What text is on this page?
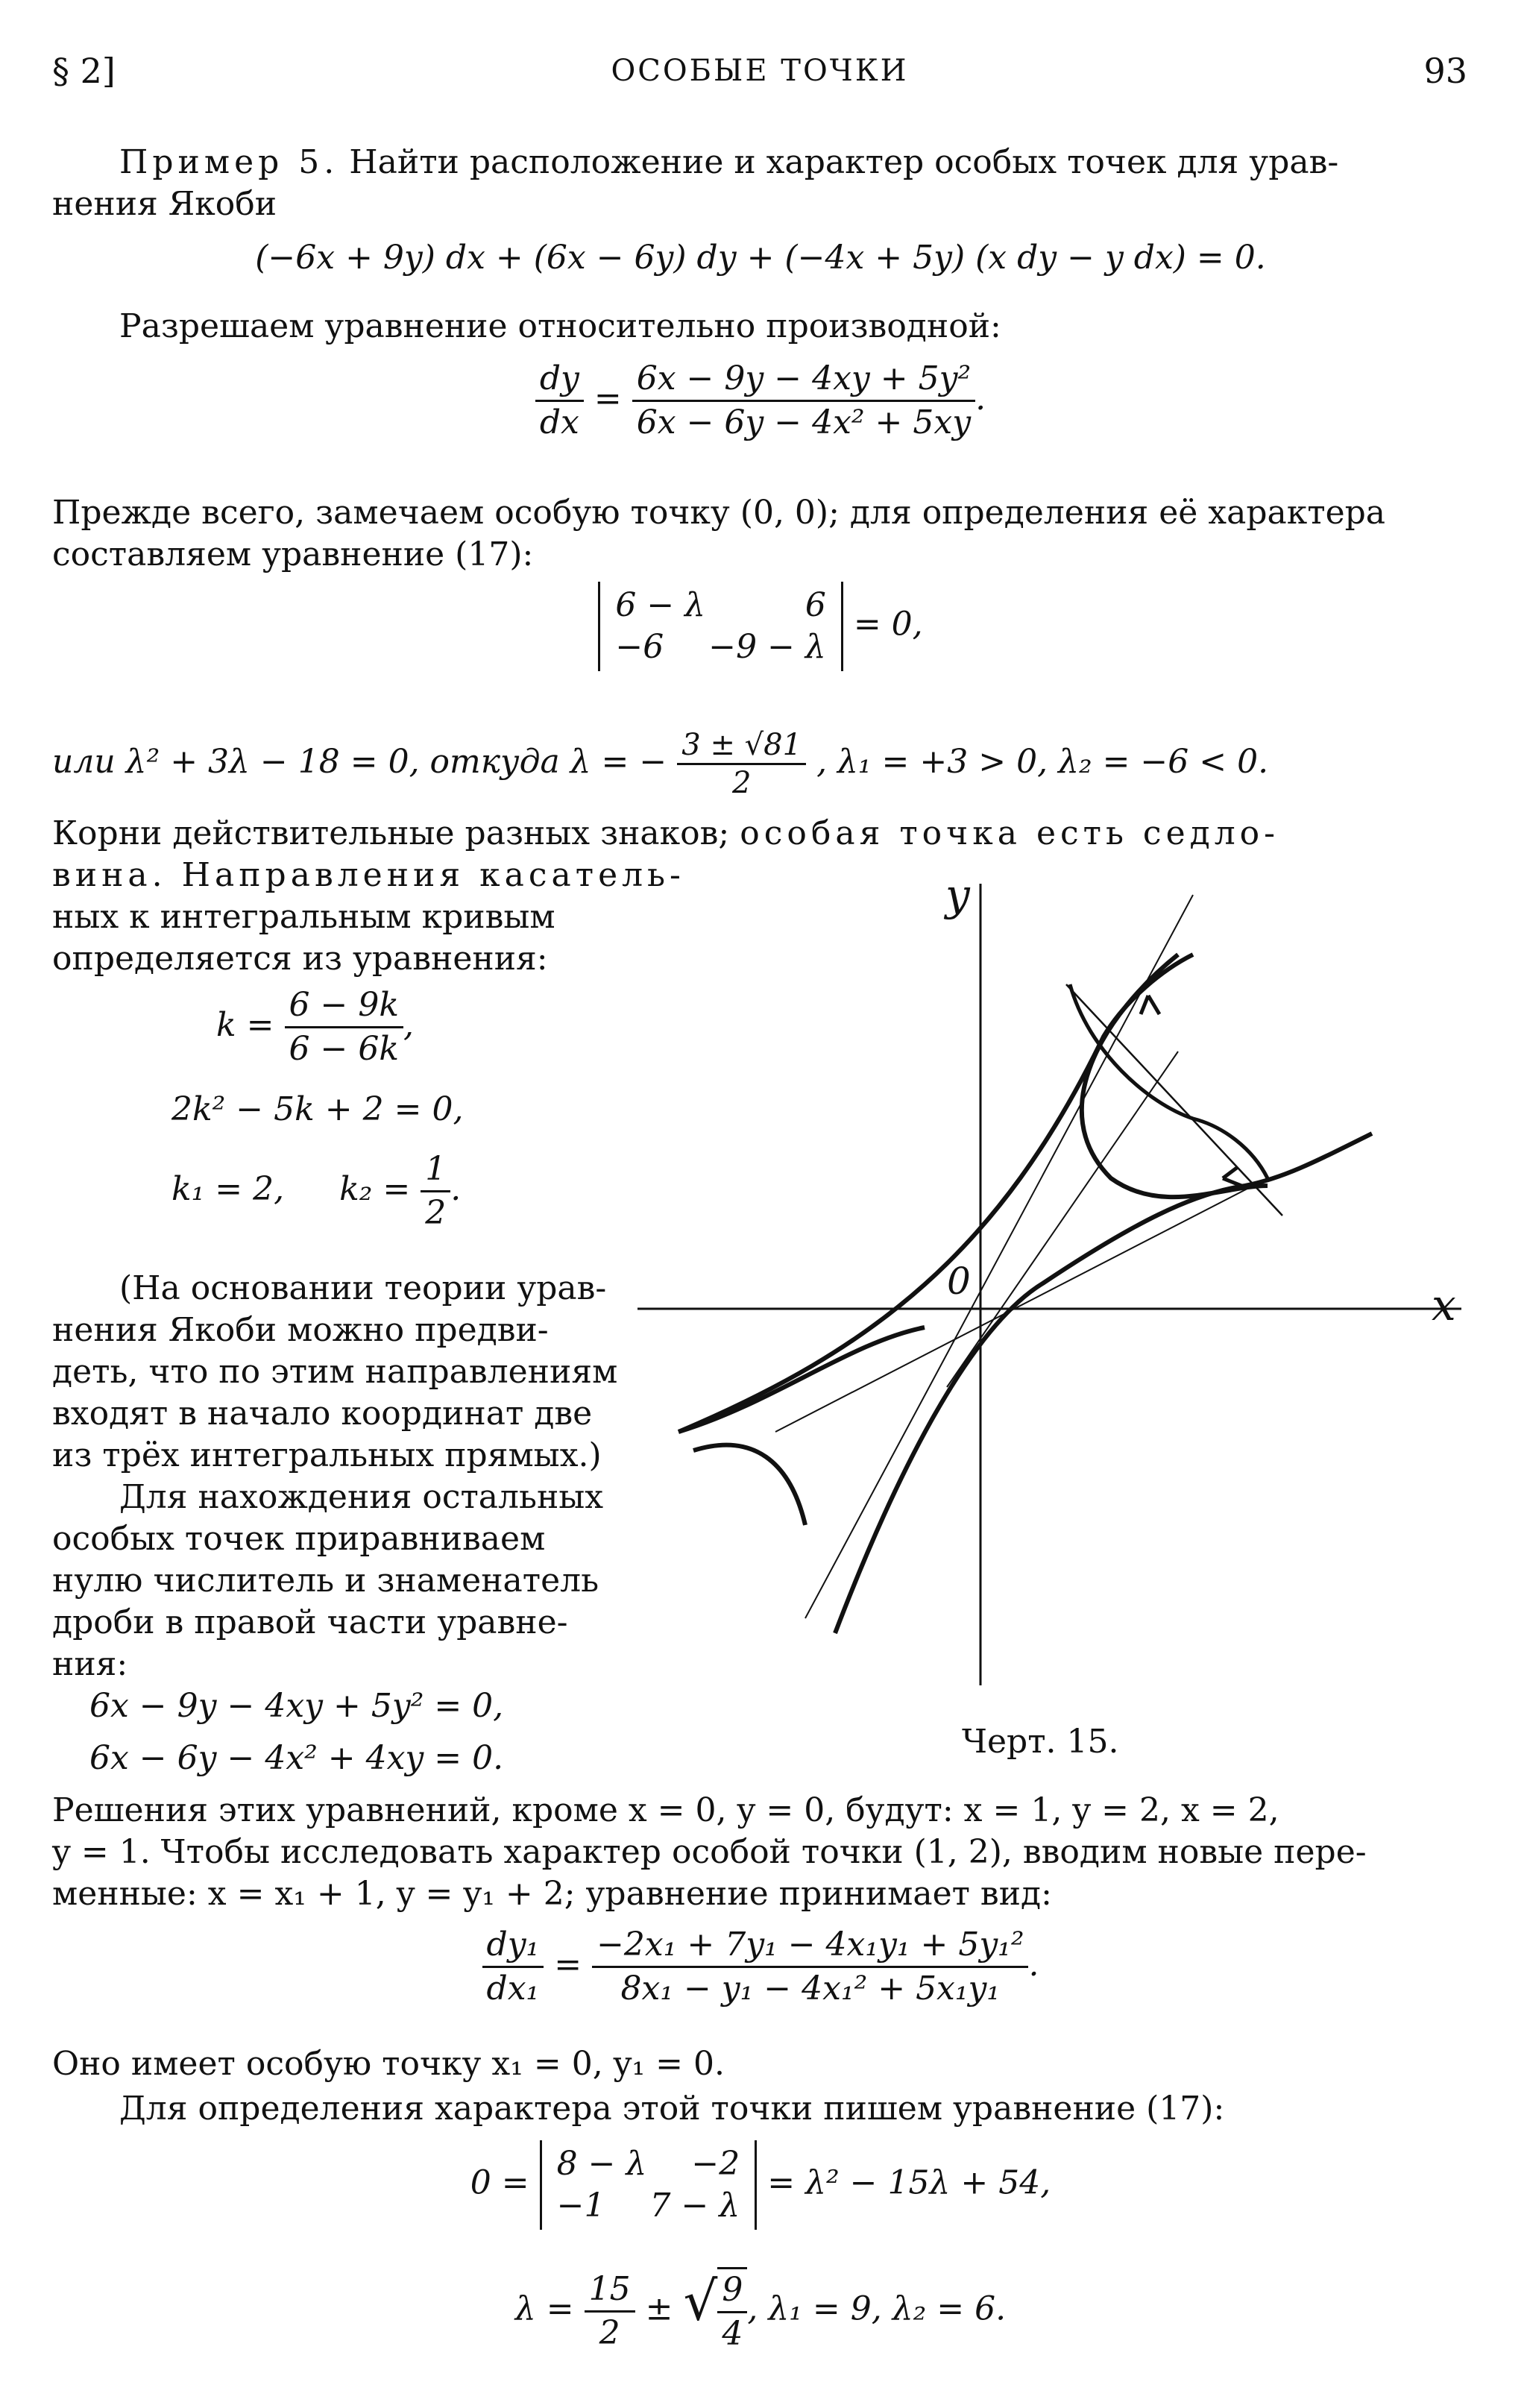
§ 2]	ОСОБЫЕ ТОЧКИ	93
Пример 5. Найти расположение и характер особых точек для урав-
нения Якоби
(−6x + 9y) dx + (6x − 6y) dy + (−4x + 5y) (x dy − y dx) = 0.
Разрешаем уравнение относительно производной:
$\frac{dy}{dx} = \frac{\text{6x − 9y − 4xy + 5y²}}{\text{6x − 6y − 4x² + 5xy}}$ .
Прежде всего, замечаем особую точку (0, 0); для определения её характера
составляем уравнение (17):
6 − λ	6
−6 −9 − λ
= 0,
или λ² + 3λ − 18 = 0, откуда λ = − $\frac{3 \pm √81}{2}$ , λ₁ = +3 > 0, λ₂ = −6 < 0.
Корни действительные разных знаков; особая точка есть седло-
вина. Направления касатель-
ных к интегральным кривым
определяется из уравнения:
$k = \frac{6 - 9k}{6 - 6k}$ ,
2k² − 5k + 2 = 0,
k₁ = 2, $k_2 = \frac{1}{2}$ .
(На основании теории урав-
нения Якоби можно предви-
деть, что по этим направлениям
входят в начало координат две
из трёх интегральных прямых.)
Для нахождения остальных
особых точек приравниваем
нулю числитель и знаменатель
дроби в правой части уравне-
ния:
6x − 9y − 4xy + 5y² = 0,
6x − 6y − 4x² + 4xy = 0.
y
x
0
Черт. 15.
Решения этих уравнений, кроме x = 0, y = 0, будут: x = 1, y = 2, x = 2,
y = 1. Чтобы исследовать характер особой точки (1, 2), вводим новые пере-
менные: x = x₁ + 1, y = y₁ + 2; уравнение принимает вид:
$\frac{\text{dy₁}}{\text{dx₁}} = \frac{\text{−2x₁ + 7y₁ − 4x₁y₁ + 5y₁²}}{\text{8x₁ − y₁ − 4x₁² + 5x₁y₁}}$ .
Оно имеет особую точку x₁ = 0, y₁ = 0.
Для определения характера этой точки пишем уравнение (17):
0 = 8 − λ −2
−1 7 − λ
= λ² − 15λ + 54,
$\lambda = \frac{15}{2}$ ± √ $\frac{9}{4}$ , λ₁ = 9, λ₂ = 6.
